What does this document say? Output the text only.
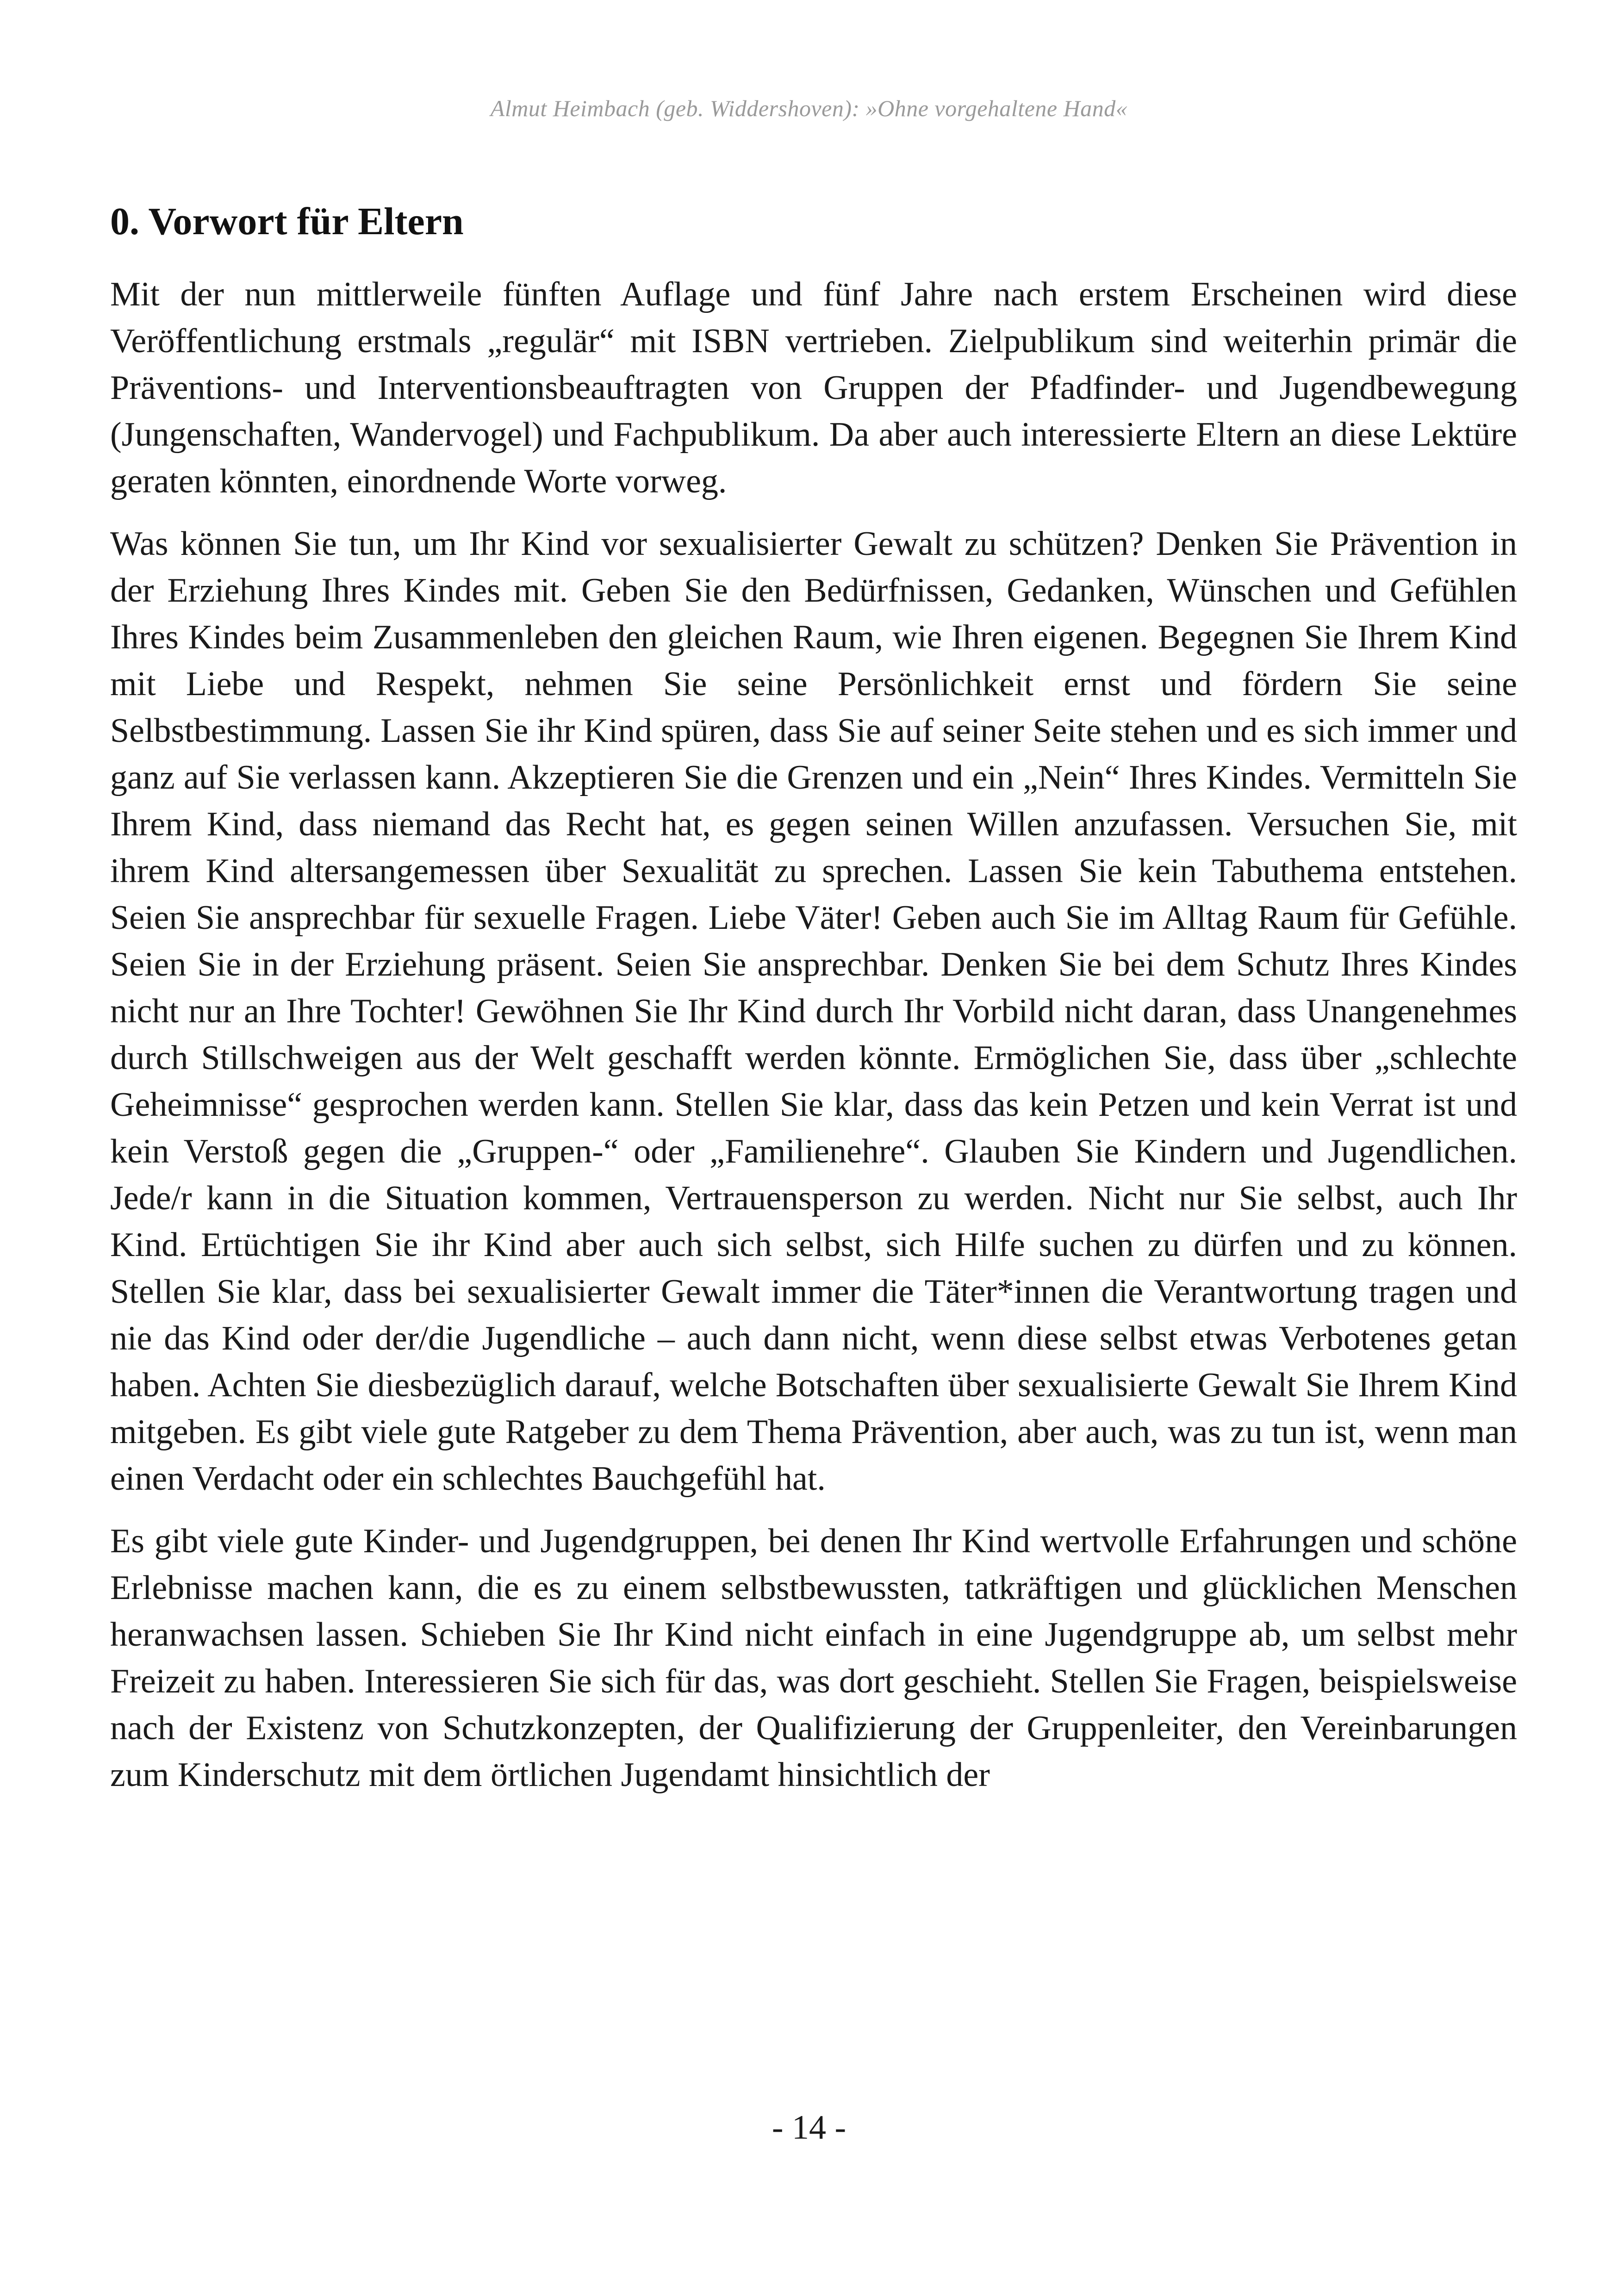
Almut Heimbach (geb. Widdershoven): »Ohne vorgehaltene Hand«
0. Vorwort für Eltern

Mit der nun mittlerweile fünften Auflage und fünf Jahre nach erstem Erscheinen wird diese Veröffentlichung erstmals „regulär“ mit ISBN vertrieben. Zielpublikum sind weiterhin primär die Präventions- und Interventionsbeauftragten von Gruppen der Pfadfinder- und Jugendbewegung (Jungenschaften, Wandervogel) und Fachpublikum. Da aber auch interessierte Eltern an diese Lektüre geraten könnten, einordnende Worte vorweg.

Was können Sie tun, um Ihr Kind vor sexualisierter Gewalt zu schützen? Denken Sie Prävention in der Erziehung Ihres Kindes mit. Geben Sie den Bedürfnissen, Gedanken, Wünschen und Gefühlen Ihres Kindes beim Zusammenleben den gleichen Raum, wie Ihren eigenen. Begegnen Sie Ihrem Kind mit Liebe und Respekt, nehmen Sie seine Persönlichkeit ernst und fördern Sie seine Selbstbestimmung. Lassen Sie ihr Kind spüren, dass Sie auf seiner Seite stehen und es sich immer und ganz auf Sie verlassen kann. Akzeptieren Sie die Grenzen und ein „Nein“ Ihres Kindes. Vermitteln Sie Ihrem Kind, dass niemand das Recht hat, es gegen seinen Willen anzufassen. Versuchen Sie, mit ihrem Kind altersangemessen über Sexualität zu sprechen. Lassen Sie kein Tabuthema entstehen. Seien Sie ansprechbar für sexuelle Fragen. Liebe Väter! Geben auch Sie im Alltag Raum für Gefühle. Seien Sie in der Erziehung präsent. Seien Sie ansprechbar. Denken Sie bei dem Schutz Ihres Kindes nicht nur an Ihre Tochter! Gewöhnen Sie Ihr Kind durch Ihr Vorbild nicht daran, dass Unangenehmes durch Stillschweigen aus der Welt geschafft werden könnte. Ermöglichen Sie, dass über „schlechte Geheimnisse“ gesprochen werden kann. Stellen Sie klar, dass das kein Petzen und kein Verrat ist und kein Verstoß gegen die „Gruppen-“ oder „Familienehre“. Glauben Sie Kindern und Jugendlichen. Jede/r kann in die Situation kommen, Vertrauensperson zu werden. Nicht nur Sie selbst, auch Ihr Kind. Ertüchtigen Sie ihr Kind aber auch sich selbst, sich Hilfe suchen zu dürfen und zu können. Stellen Sie klar, dass bei sexualisierter Gewalt immer die Täter*innen die Verantwortung tragen und nie das Kind oder der/die Jugendliche – auch dann nicht, wenn diese selbst etwas Verbotenes getan haben. Achten Sie diesbezüglich darauf, welche Botschaften über sexualisierte Gewalt Sie Ihrem Kind mitgeben. Es gibt viele gute Ratgeber zu dem Thema Prävention, aber auch, was zu tun ist, wenn man einen Verdacht oder ein schlechtes Bauchgefühl hat.

Es gibt viele gute Kinder- und Jugendgruppen, bei denen Ihr Kind wertvolle Erfahrungen und schöne Erlebnisse machen kann, die es zu einem selbstbewussten, tatkräftigen und glücklichen Menschen heranwachsen lassen. Schieben Sie Ihr Kind nicht einfach in eine Jugendgruppe ab, um selbst mehr Freizeit zu haben. Interessieren Sie sich für das, was dort geschieht. Stellen Sie Fragen, beispielsweise nach der Existenz von Schutzkonzepten, der Qualifizierung der Gruppenleiter, den Vereinbarungen zum Kinderschutz mit dem örtlichen Jugendamt hinsichtlich der

- 14 -
